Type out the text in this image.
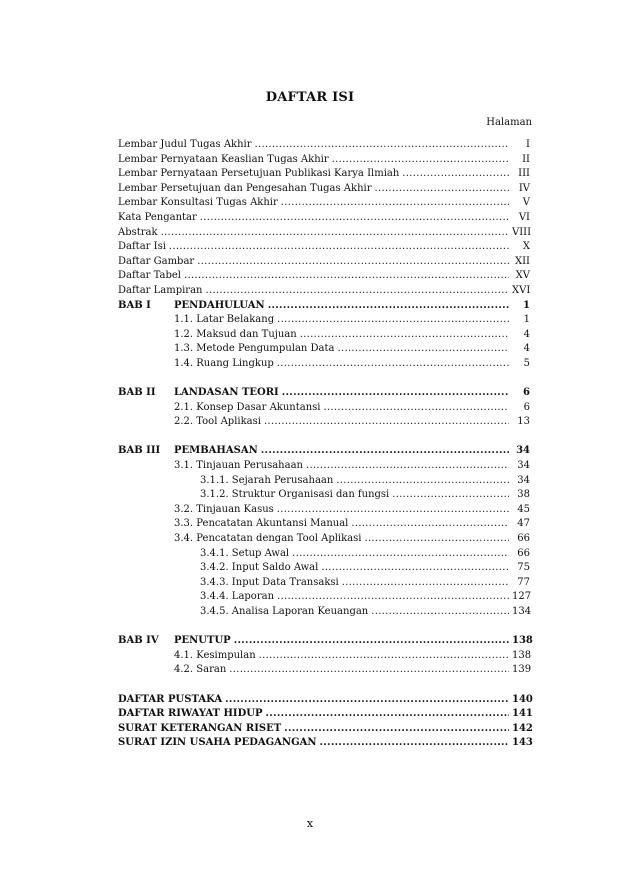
DAFTAR ISI
Halaman
Lembar Judul Tugas Akhir .....	I
Lembar Pernyataan Keaslian Tugas Akhir .....	II
Lembar Pernyataan Persetujuan Publikasi Karya Ilmiah .....	III
Lembar Persetujuan dan Pengesahan Tugas Akhir .....	IV
Lembar Konsultasi Tugas Akhir .....	V
Kata Pengantar .....	VI
Abstrak .....	VIII
Daftar Isi .....	X
Daftar Gambar .....	XII
Daftar Tabel .....	XV
Daftar Lampiran .....	XVI
BAB I PENDAHULUAN .....	1
1.1. Latar Belakang .....	1
1.2. Maksud dan Tujuan .....	4
1.3. Metode Pengumpulan Data .....	4
1.4. Ruang Lingkup .....	5
BAB II LANDASAN TEORI .....	6
2.1. Konsep Dasar Akuntansi .....	6
2.2. Tool Aplikasi .....	13
BAB III PEMBAHASAN .....	34
3.1. Tinjauan Perusahaan .....	34
3.1.1. Sejarah Perusahaan .....	34
3.1.2. Struktur Organisasi dan fungsi .....	38
3.2. Tinjauan Kasus .....	45
3.3. Pencatatan Akuntansi Manual .....	47
3.4. Pencatatan dengan Tool Aplikasi .....	66
3.4.1. Setup Awal .....	66
3.4.2. Input Saldo Awal .....	75
3.4.3. Input Data Transaksi .....	77
3.4.4. Laporan .....	127
3.4.5. Analisa Laporan Keuangan .....	134
BAB IV PENUTUP .....	138
4.1. Kesimpulan .....	138
4.2. Saran .....	139
DAFTAR PUSTAKA .....	140
DAFTAR RIWAYAT HIDUP .....	141
SURAT KETERANGAN RISET .....	142
SURAT IZIN USAHA PEDAGANGAN .....	143
x
